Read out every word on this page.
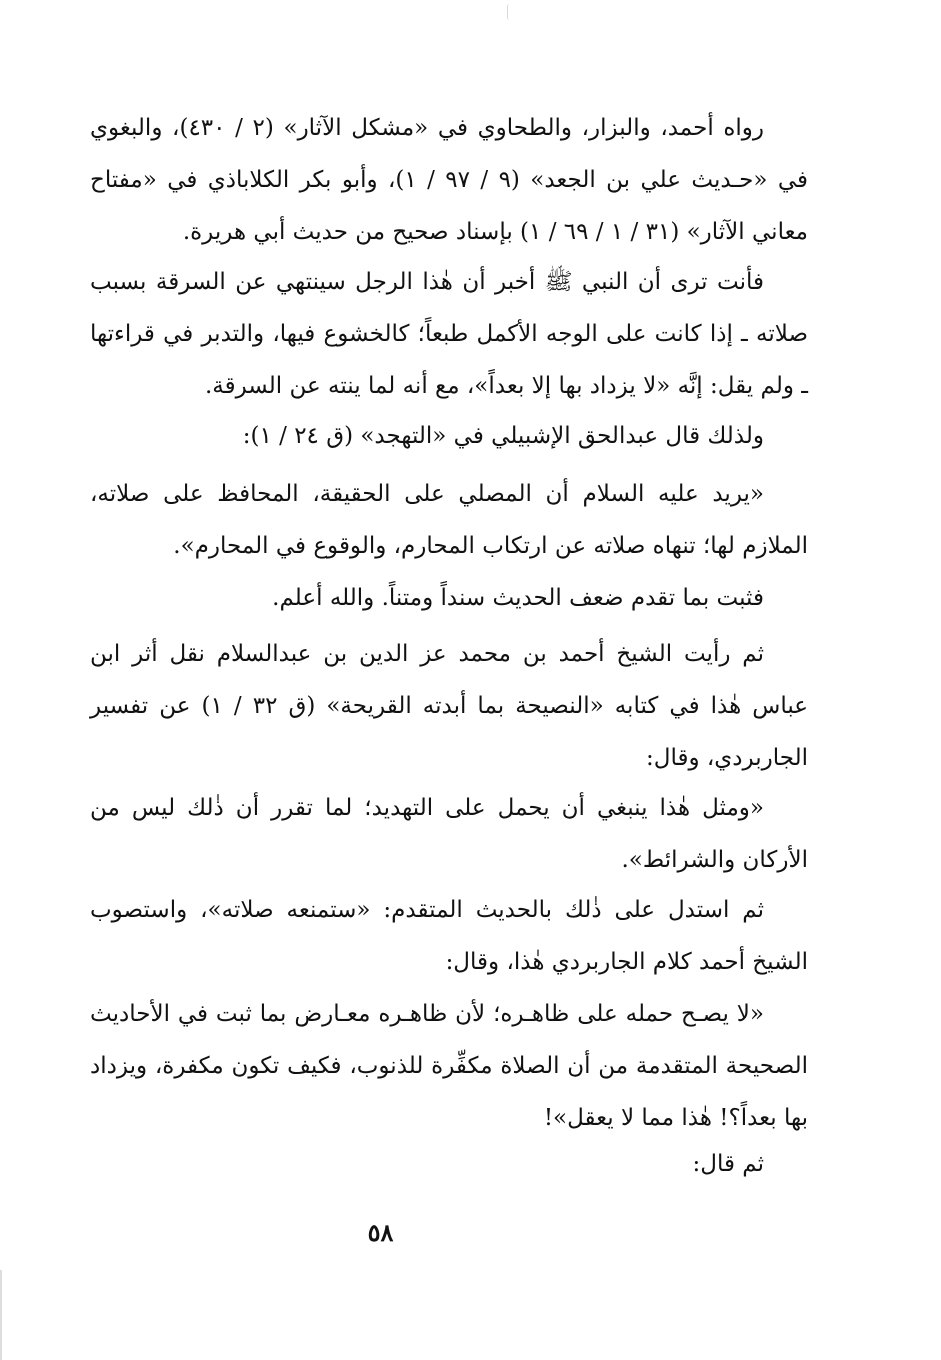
رواه أحمد، والبزار، والطحاوي في «مشكل الآثار» (٢ / ٤٣٠)، والبغوي في «حـديث علي بن الجعد» (٩ / ٩٧ / ١)، وأبو بكر الكلاباذي في «مفتاح معاني الآثار» (٣١ / ١ / ٦٩ / ١) بإسناد صحيح من حديث أبي هريرة.

فأنت ترى أن النبي ﷺ أخبر أن هٰذا الرجل سينتهي عن السرقة بسبب صلاته ـ إذا كانت على الوجه الأكمل طبعاً؛ كالخشوع فيها، والتدبر في قراءتها ـ ولم يقل: إنَّه «لا يزداد بها إلا بعداً»، مع أنه لما ينته عن السرقة.

ولذلك قال عبدالحق الإشبيلي في «التهجد» (ق ٢٤ / ١):

«يريد عليه السلام أن المصلي على الحقيقة، المحافظ على صلاته، الملازم لها؛ تنهاه صلاته عن ارتكاب المحارم، والوقوع في المحارم».

فثبت بما تقدم ضعف الحديث سنداً ومتناً. والله أعلم.

ثم رأيت الشيخ أحمد بن محمد عز الدين بن عبدالسلام نقل أثر ابن عباس هٰذا في كتابه «النصيحة بما أبدته القريحة» (ق ٣٢ / ١) عن تفسير الجاربردي، وقال:

«ومثل هٰذا ينبغي أن يحمل على التهديد؛ لما تقرر أن ذٰلك ليس من الأركان والشرائط».

ثم استدل على ذٰلك بالحديث المتقدم: «ستمنعه صلاته»، واستصوب الشيخ أحمد كلام الجاربردي هٰذا، وقال:

«لا يصـح حمله على ظاهـره؛ لأن ظاهـره معـارض بما ثبت في الأحاديث الصحيحة المتقدمة من أن الصلاة مكفِّرة للذنوب، فكيف تكون مكفرة، ويزداد بها بعداً؟! هٰذا مما لا يعقل»!

ثم قال:

٥٨
